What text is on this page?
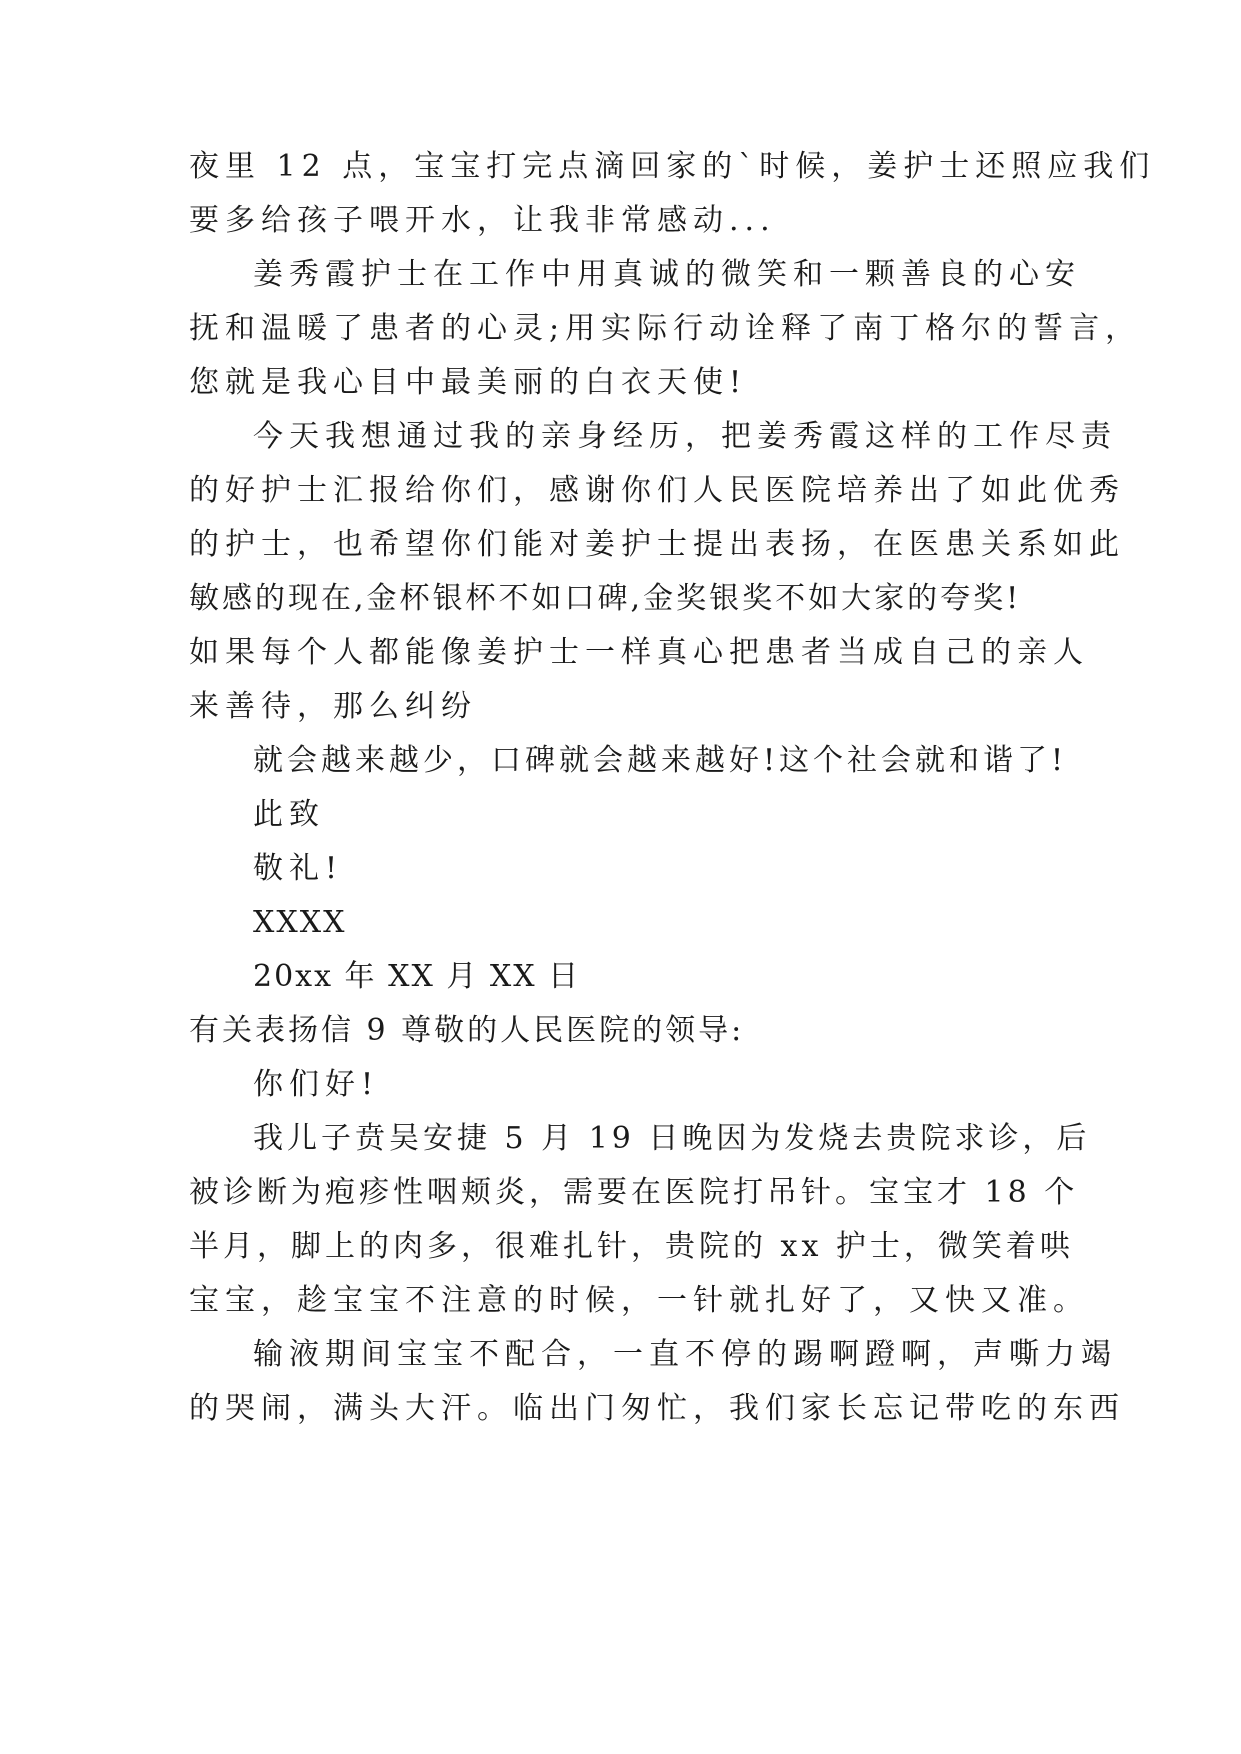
夜里 12 点，宝宝打完点滴回家的`时候，姜护士还照应我们
要多给孩子喂开水，让我非常感动...
姜秀霞护士在工作中用真诚的微笑和一颗善良的心安
抚和温暖了患者的心灵;用实际行动诠释了南丁格尔的誓言，
您就是我心目中最美丽的白衣天使!
今天我想通过我的亲身经历，把姜秀霞这样的工作尽责
的好护士汇报给你们，感谢你们人民医院培养出了如此优秀
的护士，也希望你们能对姜护士提出表扬，在医患关系如此
敏感的现在,金杯银杯不如口碑,金奖银奖不如大家的夸奖!
如果每个人都能像姜护士一样真心把患者当成自己的亲人
来善待，那么纠纷
就会越来越少，口碑就会越来越好!这个社会就和谐了!
此致
敬礼!
XXXX
20xx 年 XX 月 XX 日
有关表扬信 9 尊敬的人民医院的领导:
你们好!
我儿子贲吴安捷 5 月 19 日晚因为发烧去贵院求诊，后
被诊断为疱疹性咽颊炎，需要在医院打吊针。宝宝才 18 个
半月，脚上的肉多，很难扎针，贵院的 xx 护士，微笑着哄
宝宝，趁宝宝不注意的时候，一针就扎好了，又快又准。
输液期间宝宝不配合，一直不停的踢啊蹬啊，声嘶力竭
的哭闹，满头大汗。临出门匆忙，我们家长忘记带吃的东西
